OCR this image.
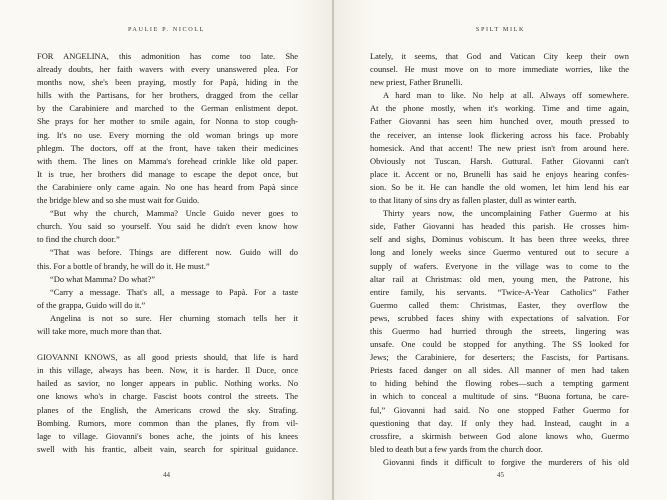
PAULIE P. NICOLL
FOR ANGELINA, this admonition has come too late. She
already doubts, her faith wavers with every unanswered plea. For
months now, she's been praying, mostly for Papà, hiding in the
hills with the Partisans, for her brothers, dragged from the cellar
by the Carabiniere and marched to the German enlistment depot.
She prays for her mother to smile again, for Nonna to stop cough-
ing. It's no use. Every morning the old woman brings up more
phlegm. The doctors, off at the front, have taken their medicines
with them. The lines on Mamma's forehead crinkle like old paper.
It is true, her brothers did manage to escape the depot once, but
the Carabiniere only came again. No one has heard from Papà since
the bridge blew and so she must wait for Guido.
“But why the church, Mamma? Uncle Guido never goes to
church. You said so yourself. You said he didn't even know how
to find the church door.”
“That was before. Things are different now. Guido will do
this. For a bottle of brandy, he will do it. He must.”
“Do what Mamma? Do what?”
“Carry a message. That's all, a message to Papà. For a taste
of the grappa, Guido will do it.”
Angelina is not so sure. Her churning stomach tells her it
will take more, much more than that.
GIOVANNI KNOWS, as all good priests should, that life is hard
in this village, always has been. Now, it is harder. Il Duce, once
hailed as savior, no longer appears in public. Nothing works. No
one knows who's in charge. Fascist boots control the streets. The
planes of the English, the Americans crowd the sky. Strafing.
Bombing. Rumors, more common than the planes, fly from vil-
lage to village. Giovanni's bones ache, the joints of his knees
swell with his frantic, albeit vain, search for spiritual guidance.
44
SPILT MILK
Lately, it seems, that God and Vatican City keep their own
counsel. He must move on to more immediate worries, like the
new priest, Father Brunelli.
A hard man to like. No help at all. Always off somewhere.
At the phone mostly, when it's working. Time and time again,
Father Giovanni has seen him hunched over, mouth pressed to
the receiver, an intense look flickering across his face. Probably
homesick. And that accent! The new priest isn't from around here.
Obviously not Tuscan. Harsh. Guttural. Father Giovanni can't
place it. Accent or no, Brunelli has said he enjoys hearing confes-
sion. So be it. He can handle the old women, let him lend his ear
to that litany of sins dry as fallen plaster, dull as winter earth.
Thirty years now, the uncomplaining Father Guermo at his
side, Father Giovanni has headed this parish. He crosses him-
self and sighs, Dominus vobiscum. It has been three weeks, three
long and lonely weeks since Guermo ventured out to secure a
supply of wafers. Everyone in the village was to come to the
altar rail at Christmas: old men, young men, the Patrone, his
entire family, his servants. “Twice-A-Year Catholics” Father
Guermo called them: Christmas, Easter, they overflow the
pews, scrubbed faces shiny with expectations of salvation. For
this Guermo had hurried through the streets, lingering was
unsafe. One could be stopped for anything. The SS looked for
Jews; the Carabiniere, for deserters; the Fascists, for Partisans.
Priests faced danger on all sides. All manner of men had taken
to hiding behind the flowing robes—such a tempting garment
in which to conceal a multitude of sins. “Buona fortuna, be care-
ful,” Giovanni had said. No one stopped Father Guermo for
questioning that day. If only they had. Instead, caught in a
crossfire, a skirmish between God alone knows who, Guermo
bled to death but a few yards from the church door.
Giovanni finds it difficult to forgive the murderers of his old
45
